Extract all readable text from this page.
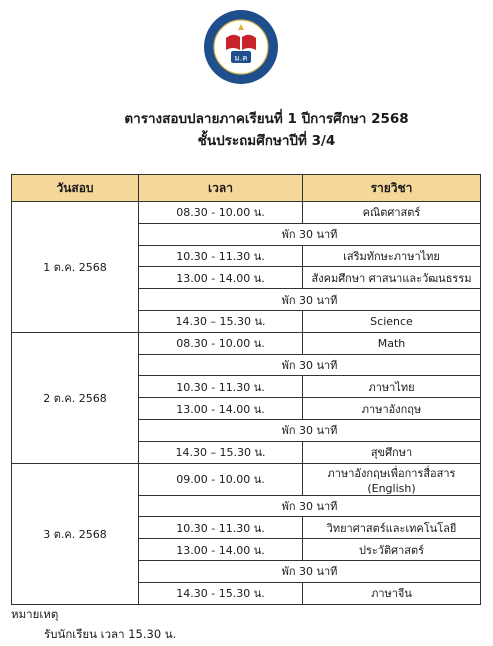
ม.ค
ตารางสอบปลายภาคเรียนที่ 1 ปีการศึกษา 2568
ชั้นประถมศึกษาปีที่ 3/4
วันสอบ	เวลา	รายวิชา
1 ต.ค. 2568	08.30 - 10.00 น.	คณิตศาสตร์
	พัก 30 นาที	
	10.30 - 11.30 น.	เสริมทักษะภาษาไทย
	13.00 - 14.00 น.	สังคมศึกษา ศาสนาและวัฒนธรรม
	พัก 30 นาที	
	14.30 – 15.30 น.	Science
2 ต.ค. 2568	08.30 - 10.00 น.	Math
	พัก 30 นาที	
	10.30 - 11.30 น.	ภาษาไทย
	13.00 - 14.00 น.	ภาษาอังกฤษ
	พัก 30 นาที	
	14.30 – 15.30 น.	สุขศึกษา
3 ต.ค. 2568	09.00 - 10.00 น.	ภาษาอังกฤษเพื่อการสื่อสาร (English)
	พัก 30 นาที	
	10.30 - 11.30 น.	วิทยาศาสตร์และเทคโนโลยี
	13.00 - 14.00 น.	ประวัติศาสตร์
	พัก 30 นาที	
	14.30 - 15.30 น.	ภาษาจีน
หมายเหตุ
รับนักเรียน เวลา 15.30 น.
